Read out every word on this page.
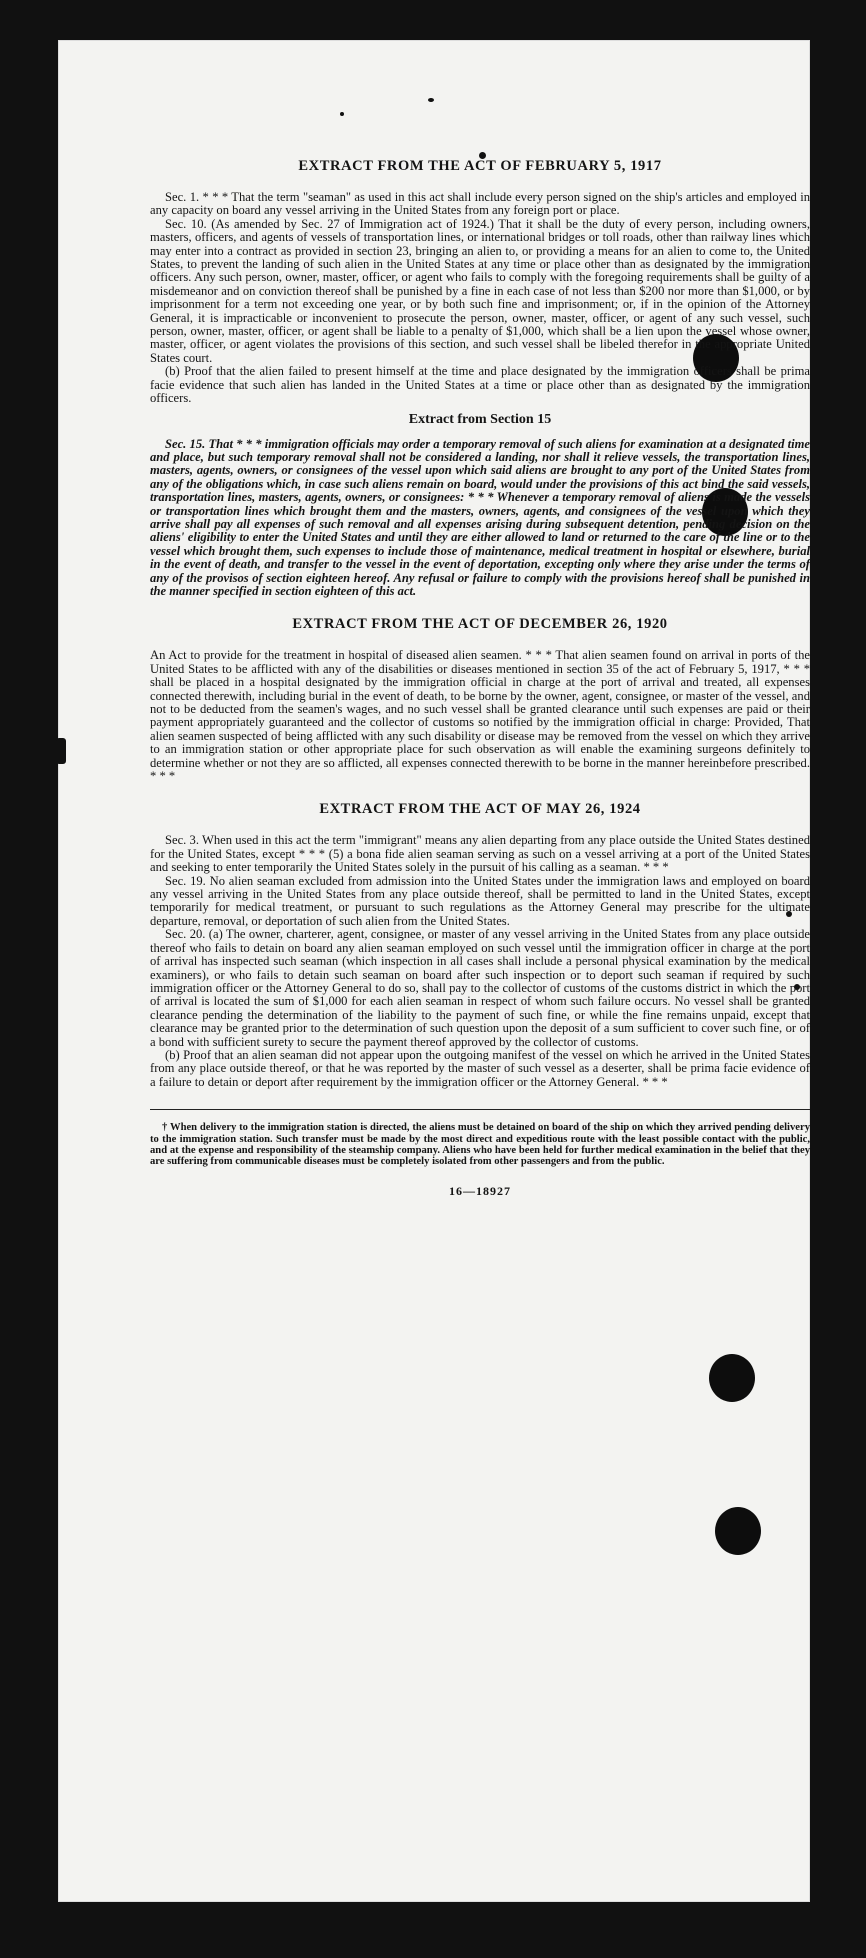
EXTRACT FROM THE ACT OF FEBRUARY 5, 1917

Sec. 1. * * * That the term "seaman" as used in this act shall include every person signed on the ship's articles and employed in any capacity on board any vessel arriving in the United States from any foreign port or place.

Sec. 10. (As amended by Sec. 27 of Immigration act of 1924.) That it shall be the duty of every person, including owners, masters, officers, and agents of vessels of transportation lines, or international bridges or toll roads, other than railway lines which may enter into a contract as provided in section 23, bringing an alien to, or providing a means for an alien to come to, the United States, to prevent the landing of such alien in the United States at any time or place other than as designated by the immigration officers. Any such person, owner, master, officer, or agent who fails to comply with the foregoing requirements shall be guilty of a misdemeanor and on conviction thereof shall be punished by a fine in each case of not less than $200 nor more than $1,000, or by imprisonment for a term not exceeding one year, or by both such fine and imprisonment; or, if in the opinion of the Attorney General, it is impracticable or inconvenient to prosecute the person, owner, master, officer, or agent of any such vessel, such person, owner, master, officer, or agent shall be liable to a penalty of $1,000, which shall be a lien upon the vessel whose owner, master, officer, or agent violates the provisions of this section, and such vessel shall be libeled therefor in the appropriate United States court.

(b) Proof that the alien failed to present himself at the time and place designated by the immigration officers shall be prima facie evidence that such alien has landed in the United States at a time or place other than as designated by the immigration officers.

Extract from Section 15

Sec. 15. That * * * immigration officials may order a temporary removal of such aliens for examination at a designated time and place, but such temporary removal shall not be considered a landing, nor shall it relieve vessels, the transportation lines, masters, agents, owners, or consignees of the vessel upon which said aliens are brought to any port of the United States from any of the obligations which, in case such aliens remain on board, would under the provisions of this act bind the said vessels, transportation lines, masters, agents, owners, or consignees: * * * Whenever a temporary removal of aliens is made the vessels or transportation lines which brought them and the masters, owners, agents, and consignees of the vessel upon which they arrive shall pay all expenses of such removal and all expenses arising during subsequent detention, pending decision on the aliens' eligibility to enter the United States and until they are either allowed to land or returned to the care of the line or to the vessel which brought them, such expenses to include those of maintenance, medical treatment in hospital or elsewhere, burial in the event of death, and transfer to the vessel in the event of deportation, excepting only where they arise under the terms of any of the provisos of section eighteen hereof. Any refusal or failure to comply with the provisions hereof shall be punished in the manner specified in section eighteen of this act.

EXTRACT FROM THE ACT OF DECEMBER 26, 1920

An Act to provide for the treatment in hospital of diseased alien seamen. * * * That alien seamen found on arrival in ports of the United States to be afflicted with any of the disabilities or diseases mentioned in section 35 of the act of February 5, 1917, * * * shall be placed in a hospital designated by the immigration official in charge at the port of arrival and treated, all expenses connected therewith, including burial in the event of death, to be borne by the owner, agent, consignee, or master of the vessel, and not to be deducted from the seamen's wages, and no such vessel shall be granted clearance until such expenses are paid or their payment appropriately guaranteed and the collector of customs so notified by the immigration official in charge: Provided, That alien seamen suspected of being afflicted with any such disability or disease may be removed from the vessel on which they arrive to an immigration station or other appropriate place for such observation as will enable the examining surgeons definitely to determine whether or not they are so afflicted, all expenses connected therewith to be borne in the manner hereinbefore prescribed. * * *

EXTRACT FROM THE ACT OF MAY 26, 1924

Sec. 3. When used in this act the term "immigrant" means any alien departing from any place outside the United States destined for the United States, except * * * (5) a bona fide alien seaman serving as such on a vessel arriving at a port of the United States and seeking to enter temporarily the United States solely in the pursuit of his calling as a seaman. * * *

Sec. 19. No alien seaman excluded from admission into the United States under the immigration laws and employed on board any vessel arriving in the United States from any place outside thereof, shall be permitted to land in the United States, except temporarily for medical treatment, or pursuant to such regulations as the Attorney General may prescribe for the ultimate departure, removal, or deportation of such alien from the United States.

Sec. 20. (a) The owner, charterer, agent, consignee, or master of any vessel arriving in the United States from any place outside thereof who fails to detain on board any alien seaman employed on such vessel until the immigration officer in charge at the port of arrival has inspected such seaman (which inspection in all cases shall include a personal physical examination by the medical examiners), or who fails to detain such seaman on board after such inspection or to deport such seaman if required by such immigration officer or the Attorney General to do so, shall pay to the collector of customs of the customs district in which the port of arrival is located the sum of $1,000 for each alien seaman in respect of whom such failure occurs. No vessel shall be granted clearance pending the determination of the liability to the payment of such fine, or while the fine remains unpaid, except that clearance may be granted prior to the determination of such question upon the deposit of a sum sufficient to cover such fine, or of a bond with sufficient surety to secure the payment thereof approved by the collector of customs.

(b) Proof that an alien seaman did not appear upon the outgoing manifest of the vessel on which he arrived in the United States from any place outside thereof, or that he was reported by the master of such vessel as a deserter, shall be prima facie evidence of a failure to detain or deport after requirement by the immigration officer or the Attorney General. * * *

† When delivery to the immigration station is directed, the aliens must be detained on board of the ship on which they arrived pending delivery to the immigration station. Such transfer must be made by the most direct and expeditious route with the least possible contact with the public, and at the expense and responsibility of the steamship company. Aliens who have been held for further medical examination in the belief that they are suffering from communicable diseases must be completely isolated from other passengers and from the public.

16—18927
